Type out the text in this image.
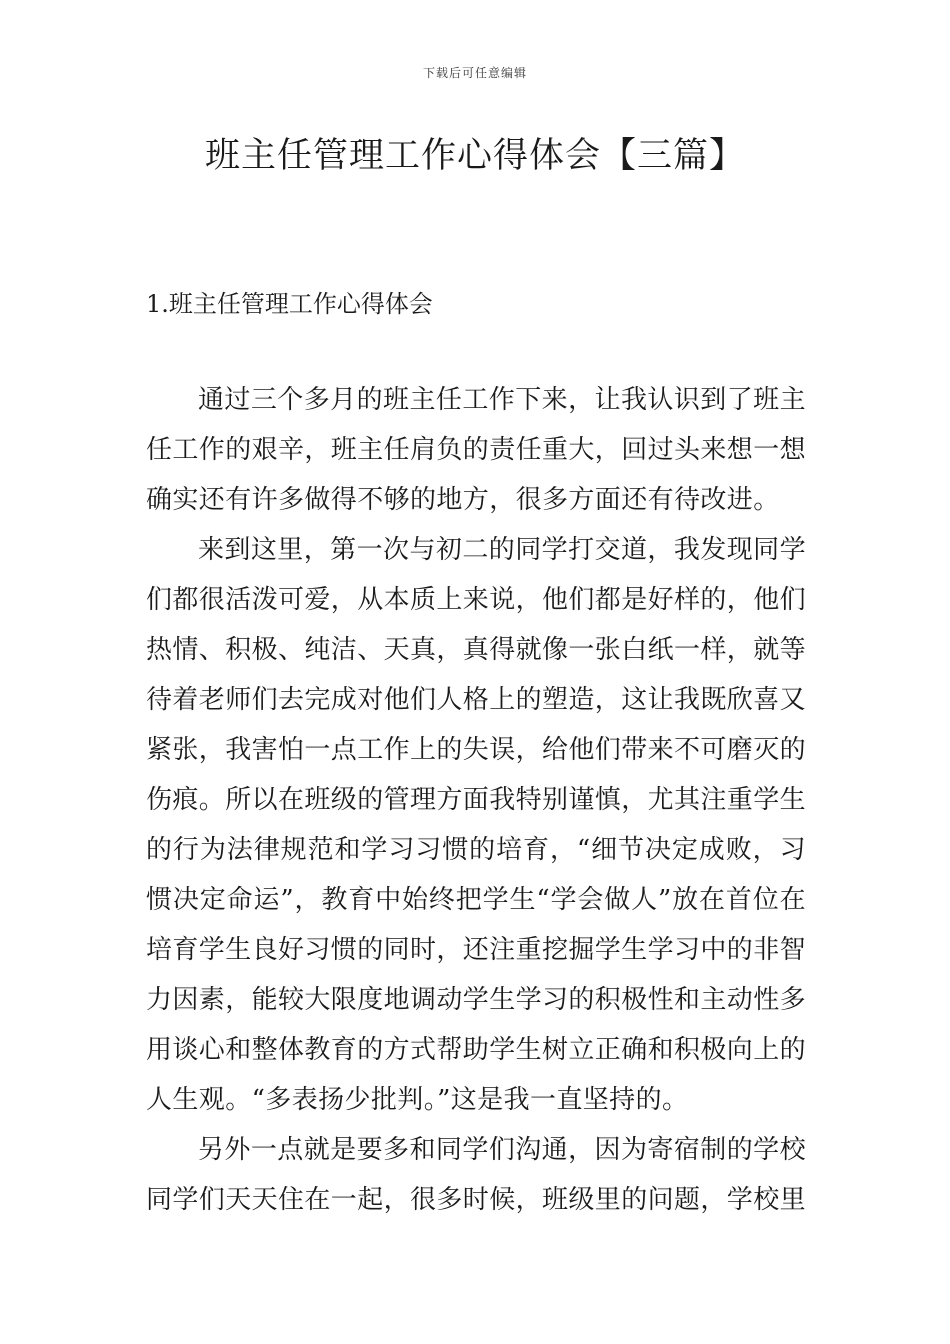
下载后可任意编辑
班主任管理工作心得体会【三篇】
1.班主任管理工作心得体会

通过三个多月的班主任工作下来，让我认识到了班主任工作的艰辛，班主任肩负的责任重大，回过头来想一想确实还有许多做得不够的地方，很多方面还有待改进。

来到这里，第一次与初二的同学打交道，我发现同学们都很活泼可爱，从本质上来说，他们都是好样的，他们热情、积极、纯洁、天真，真得就像一张白纸一样，就等待着老师们去完成对他们人格上的塑造，这让我既欣喜又紧张，我害怕一点工作上的失误，给他们带来不可磨灭的伤痕。所以在班级的管理方面我特别谨慎，尤其注重学生的行为法律规范和学习习惯的培育，“细节决定成败，习惯决定命运”，教育中始终把学生“学会做人”放在首位在培育学生良好习惯的同时，还注重挖掘学生学习中的非智力因素，能较大限度地调动学生学习的积极性和主动性多用谈心和整体教育的方式帮助学生树立正确和积极向上的人生观。“多表扬少批判。”这是我一直坚持的。

另外一点就是要多和同学们沟通，因为寄宿制的学校同学们天天住在一起，很多时候，班级里的问题，学校里
